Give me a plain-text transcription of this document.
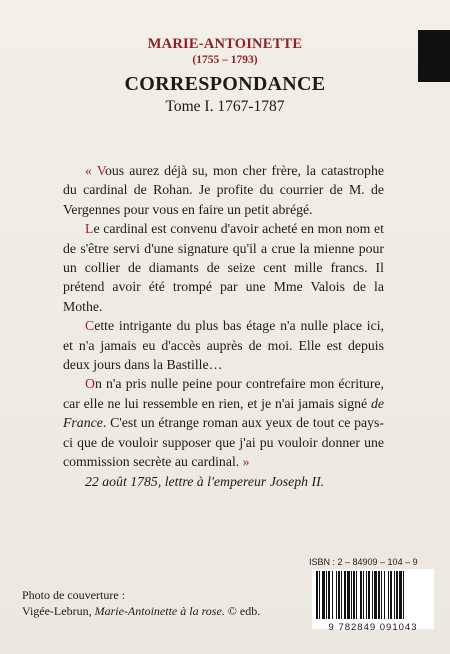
MARIE-ANTOINETTE
(1755 – 1793)
CORRESPONDANCE
Tome I. 1767-1787

« Vous aurez déjà su, mon cher frère, la catastrophe du cardinal de Rohan. Je profite du courrier de M. de Vergennes pour vous en faire un petit abrégé.

Le cardinal est convenu d'avoir acheté en mon nom et de s'être servi d'une signature qu'il a crue la mienne pour un collier de diamants de seize cent mille francs. Il prétend avoir été trompé par une Mme Valois de la Mothe.

Cette intrigante du plus bas étage n'a nulle place ici, et n'a jamais eu d'accès auprès de moi. Elle est depuis deux jours dans la Bastille…

On n'a pris nulle peine pour contrefaire mon écriture, car elle ne lui ressemble en rien, et je n'ai jamais signé de France. C'est un étrange roman aux yeux de tout ce pays-ci que de vouloir supposer que j'ai pu vouloir donner une commission secrète au cardinal. »

22 août 1785, lettre à l'empereur Joseph II.

ISBN : 2 – 84909 – 104 – 9
9 782849 091043
Photo de couverture :
Vigée-Lebrun, Marie-Antoinette à la rose. © edb.
